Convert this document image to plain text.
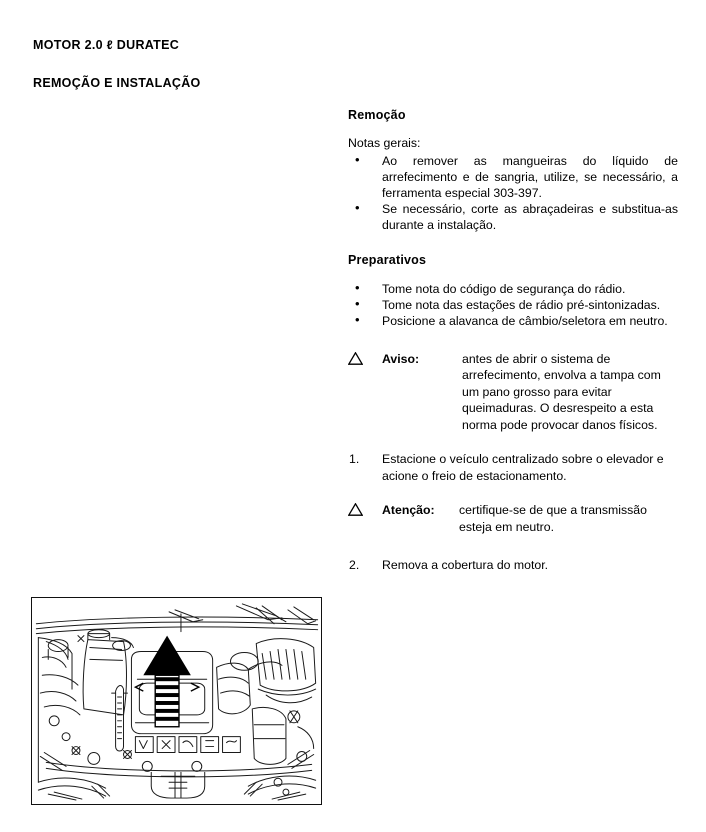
MOTOR 2.0 ℓ DURATEC
REMOÇÃO E INSTALAÇÃO
Remoção
Notas gerais:
• Ao remover as mangueiras do líquido de arrefecimento e de sangria, utilize, se necessário, a ferramenta especial 303-397.
• Se necessário, corte as abraçadeiras e substitua-as durante a instalação.
Preparativos
• Tome nota do código de segurança do rádio.
• Tome nota das estações de rádio pré-sintonizadas.
• Posicione a alavanca de câmbio/seletora em neutro.
Aviso:	antes de abrir o sistema de arrefecimento, envolva a tampa com um pano grosso para evitar queimaduras. O desrespeito a esta norma pode provocar danos físicos.
1. Estacione o veículo centralizado sobre o elevador e acione o freio de estacionamento.
Atenção:	certifique-se de que a transmissão esteja em neutro.
2. Remova a cobertura do motor.
